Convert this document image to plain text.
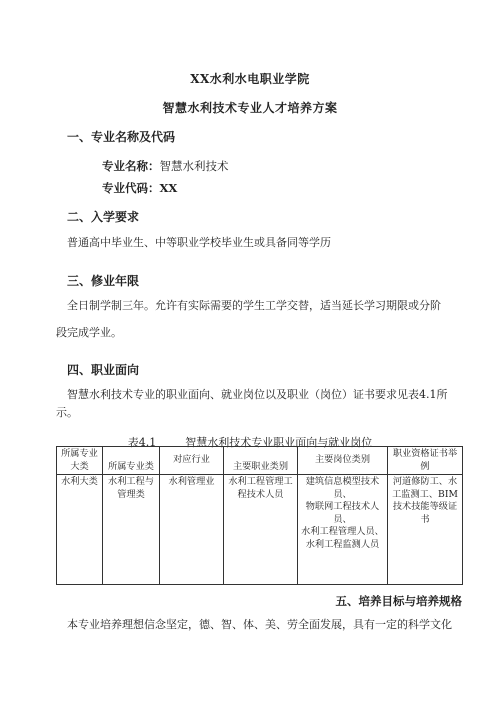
XX水利水电职业学院
智慧水利技术专业人才培养方案
一、专业名称及代码
专业名称：智慧水利技术
专业代码：XX
二、入学要求
普通高中毕业生、中等职业学校毕业生或具备同等学历
三、修业年限
全日制学制三年。允许有实际需要的学生工学交替，适当延长学习期限或分阶
段完成学业。
四、职业面向
智慧水利技术专业的职业面向、就业岗位以及职业（岗位）证书要求见表4.1所
示。
表4.1	智慧水利技术专业职业面向与就业岗位
所属专业大类	所属专业类	对应行业	主要职业类别	主要岗位类别	职业资格证书举例
水利大类	水利工程与管理类	水利管理业	水利工程管理工程技术人员	建筑信息模型技术员、
物联网工程技术人员、
水利工程管理人员、
水利工程监测人员	河道修防工、水工监测工、BIM技术技能等级证书
五、培养目标与培养规格
本专业培养理想信念坚定，德、智、体、美、劳全面发展，具有一定的科学文化
